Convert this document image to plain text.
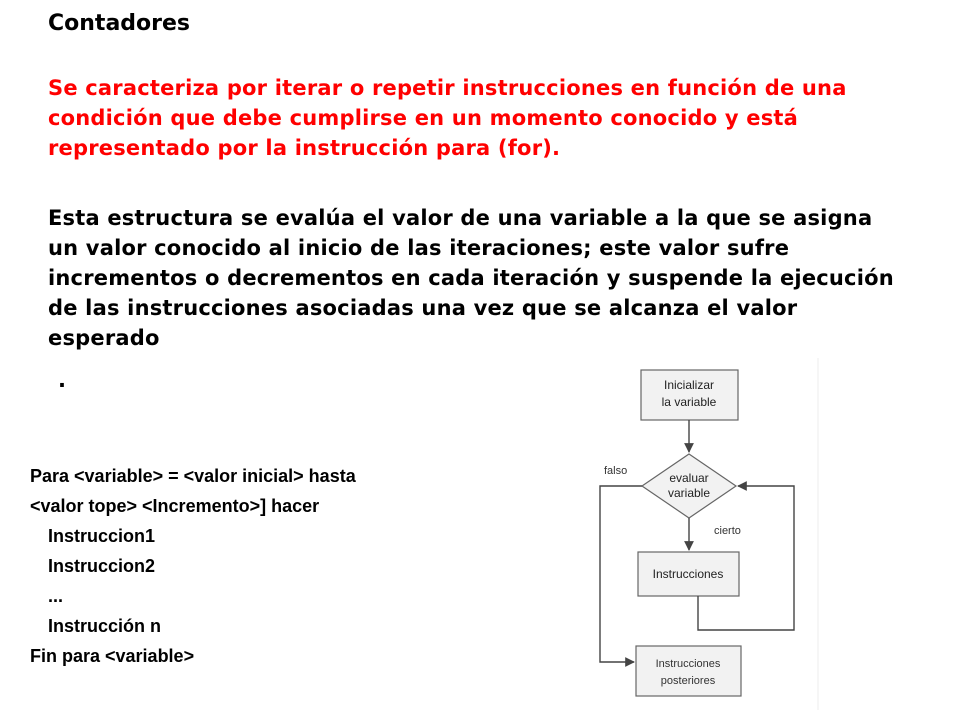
Contadores

Se caracteriza por iterar o repetir instrucciones en función de una
condición que debe cumplirse en un momento conocido y está
representado por la instrucción para (for).

Esta estructura se evalúa el valor de una variable a la que se asigna
un valor conocido al inicio de las iteraciones; este valor sufre
incrementos o decrementos en cada iteración y suspende la ejecución
de las instrucciones asociadas una vez que se alcanza el valor
esperado

.
Para <variable> = <valor inicial> hasta
<valor tope> <Incremento>] hacer
Instruccion1
Instruccion2
...
Instrucción n
Fin para <variable>
Inicializar
la variable
evaluar
variable
falso
cierto
Instrucciones
Instrucciones
posteriores
